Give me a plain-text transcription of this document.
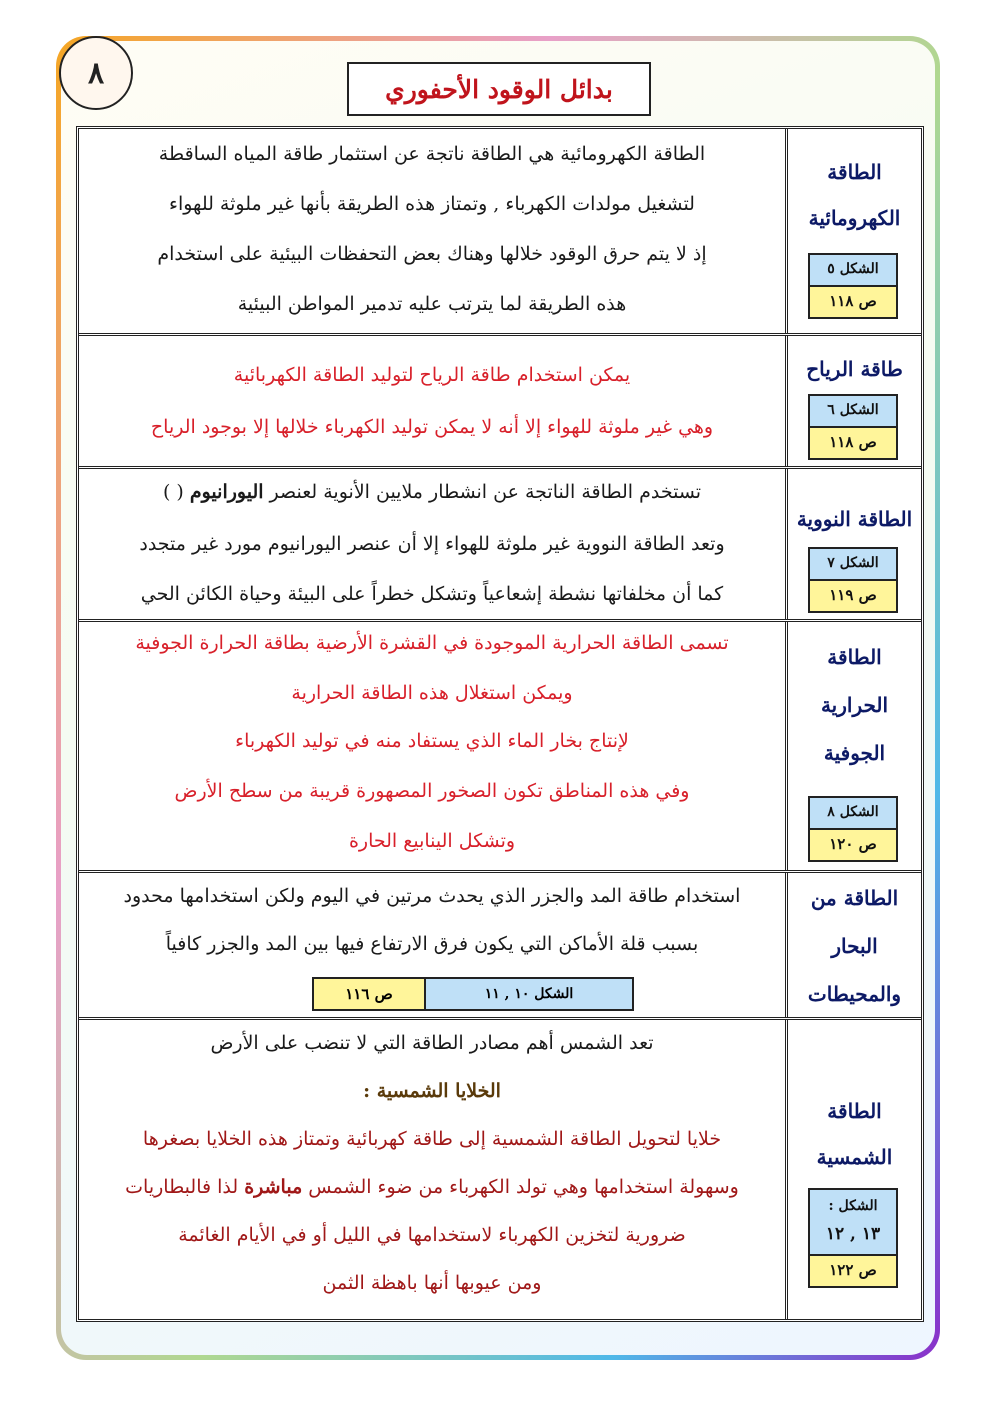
٨	بدائل الوقود الأحفوري
الطاقة
الكهرومائية
الشكل ٥
ص ١١٨
الطاقة الكهرومائية هي الطاقة ناتجة عن استثمار طاقة المياه الساقطة
لتشغيل مولدات الكهرباء , وتمتاز هذه الطريقة بأنها غير ملوثة للهواء
إذ لا يتم حرق الوقود خلالها وهناك بعض التحفظات البيئية على استخدام
هذه الطريقة لما يترتب عليه تدمير المواطن البيئية
طاقة الرياح
الشكل ٦
ص ١١٨
يمكن استخدام طاقة الرياح لتوليد الطاقة الكهربائية
وهي غير ملوثة للهواء إلا أنه لا يمكن توليد الكهرباء خلالها إلا بوجود الرياح
الطاقة النووية
الشكل ٧
ص ١١٩
تستخدم الطاقة الناتجة عن انشطار ملايين الأنوية لعنصر اليورانيوم ( )
وتعد الطاقة النووية غير ملوثة للهواء إلا أن عنصر اليورانيوم مورد غير متجدد
كما أن مخلفاتها نشطة إشعاعياً وتشكل خطراً على البيئة وحياة الكائن الحي
الطاقة
الحرارية
الجوفية
الشكل ٨
ص ١٢٠
تسمى الطاقة الحرارية الموجودة في القشرة الأرضية بطاقة الحرارة الجوفية
ويمكن استغلال هذه الطاقة الحرارية
لإنتاج بخار الماء الذي يستفاد منه في توليد الكهرباء
وفي هذه المناطق تكون الصخور المصهورة قريبة من سطح الأرض
وتشكل الينابيع الحارة
الطاقة من
البحار
والمحيطات
استخدام طاقة المد والجزر الذي يحدث مرتين في اليوم ولكن استخدامها محدود
بسبب قلة الأماكن التي يكون فرق الارتفاع فيها بين المد والجزر كافياً
الشكل ١٠ , ١١
ص ١١٦
الطاقة
الشمسية
الشكل :
١٣ , ١٢
ص ١٢٢
تعد الشمس أهم مصادر الطاقة التي لا تنضب على الأرض
الخلايا الشمسية :
خلايا لتحويل الطاقة الشمسية إلى طاقة كهربائية وتمتاز هذه الخلايا بصغرها
وسهولة استخدامها وهي تولد الكهرباء من ضوء الشمس مباشرة لذا فالبطاريات
ضرورية لتخزين الكهرباء لاستخدامها في الليل أو في الأيام الغائمة
ومن عيوبها أنها باهظة الثمن
